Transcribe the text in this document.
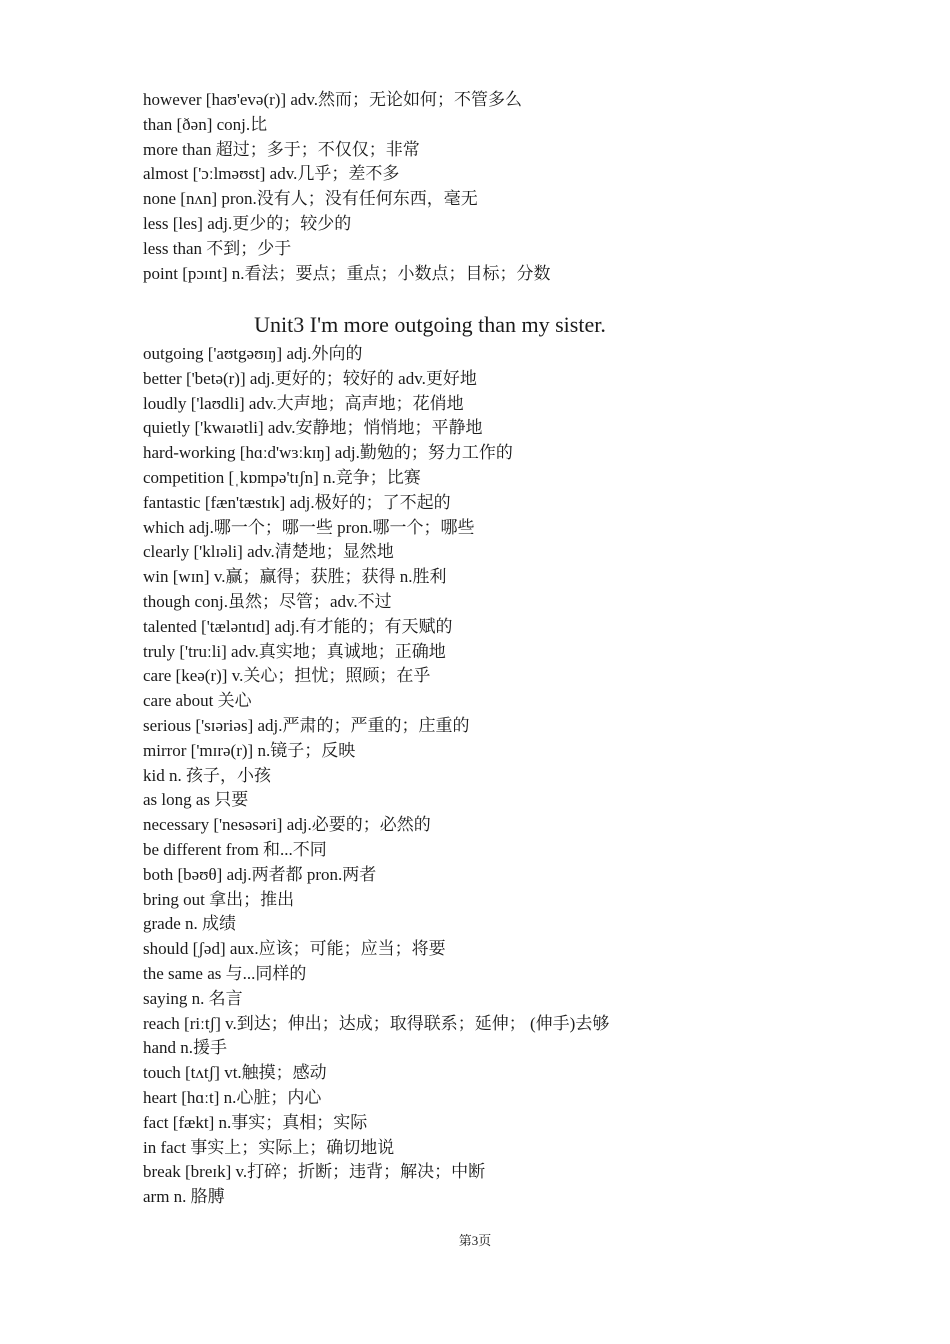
however [haʊ'evə(r)] adv.然而；无论如何；不管多么
than [ðən] conj.比
more than 超过；多于；不仅仅；非常
almost ['ɔːlməʊst] adv.几乎；差不多
none [nʌn] pron.没有人；没有任何东西，毫无
less [les] adj.更少的；较少的
less than 不到；少于
point [pɔɪnt] n.看法；要点；重点；小数点；目标；分数
Unit3 I'm more outgoing than my sister.
outgoing ['aʊtgəʊɪŋ] adj.外向的
better ['betə(r)] adj.更好的；较好的 adv.更好地
loudly ['laʊdli] adv.大声地；高声地；花俏地
quietly ['kwaɪətli] adv.安静地；悄悄地；平静地
hard-working [hɑːd'wɜːkɪŋ] adj.勤勉的；努力工作的
competition [ˌkɒmpə'tɪʃn] n.竞争；比赛
fantastic [fæn'tæstɪk] adj.极好的；了不起的
which adj.哪一个；哪一些 pron.哪一个；哪些
clearly ['klɪəli] adv.清楚地；显然地
win [wɪn] v.赢；赢得；获胜；获得 n.胜利
though conj.虽然；尽管；adv.不过
talented ['tæləntɪd] adj.有才能的；有天赋的
truly ['truːli] adv.真实地；真诚地；正确地
care [keə(r)] v.关心；担忧；照顾；在乎
care about 关心
serious ['sɪəriəs] adj.严肃的；严重的；庄重的
mirror ['mɪrə(r)] n.镜子；反映
kid n. 孩子，小孩
as long as 只要
necessary ['nesəsəri] adj.必要的；必然的
be different from 和...不同
both [bəʊθ] adj.两者都 pron.两者
bring out 拿出；推出
grade n. 成绩
should [ʃəd] aux.应该；可能；应当；将要
the same as 与...同样的
saying n. 名言
reach [riːtʃ] v.到达；伸出；达成；取得联系；延伸； (伸手)去够
hand n.援手
touch [tʌtʃ] vt.触摸；感动
heart [hɑːt] n.心脏；内心
fact [fækt] n.事实；真相；实际
in fact 事实上；实际上；确切地说
break [breɪk] v.打碎；折断；违背；解决；中断
arm n. 胳膊
第3页
